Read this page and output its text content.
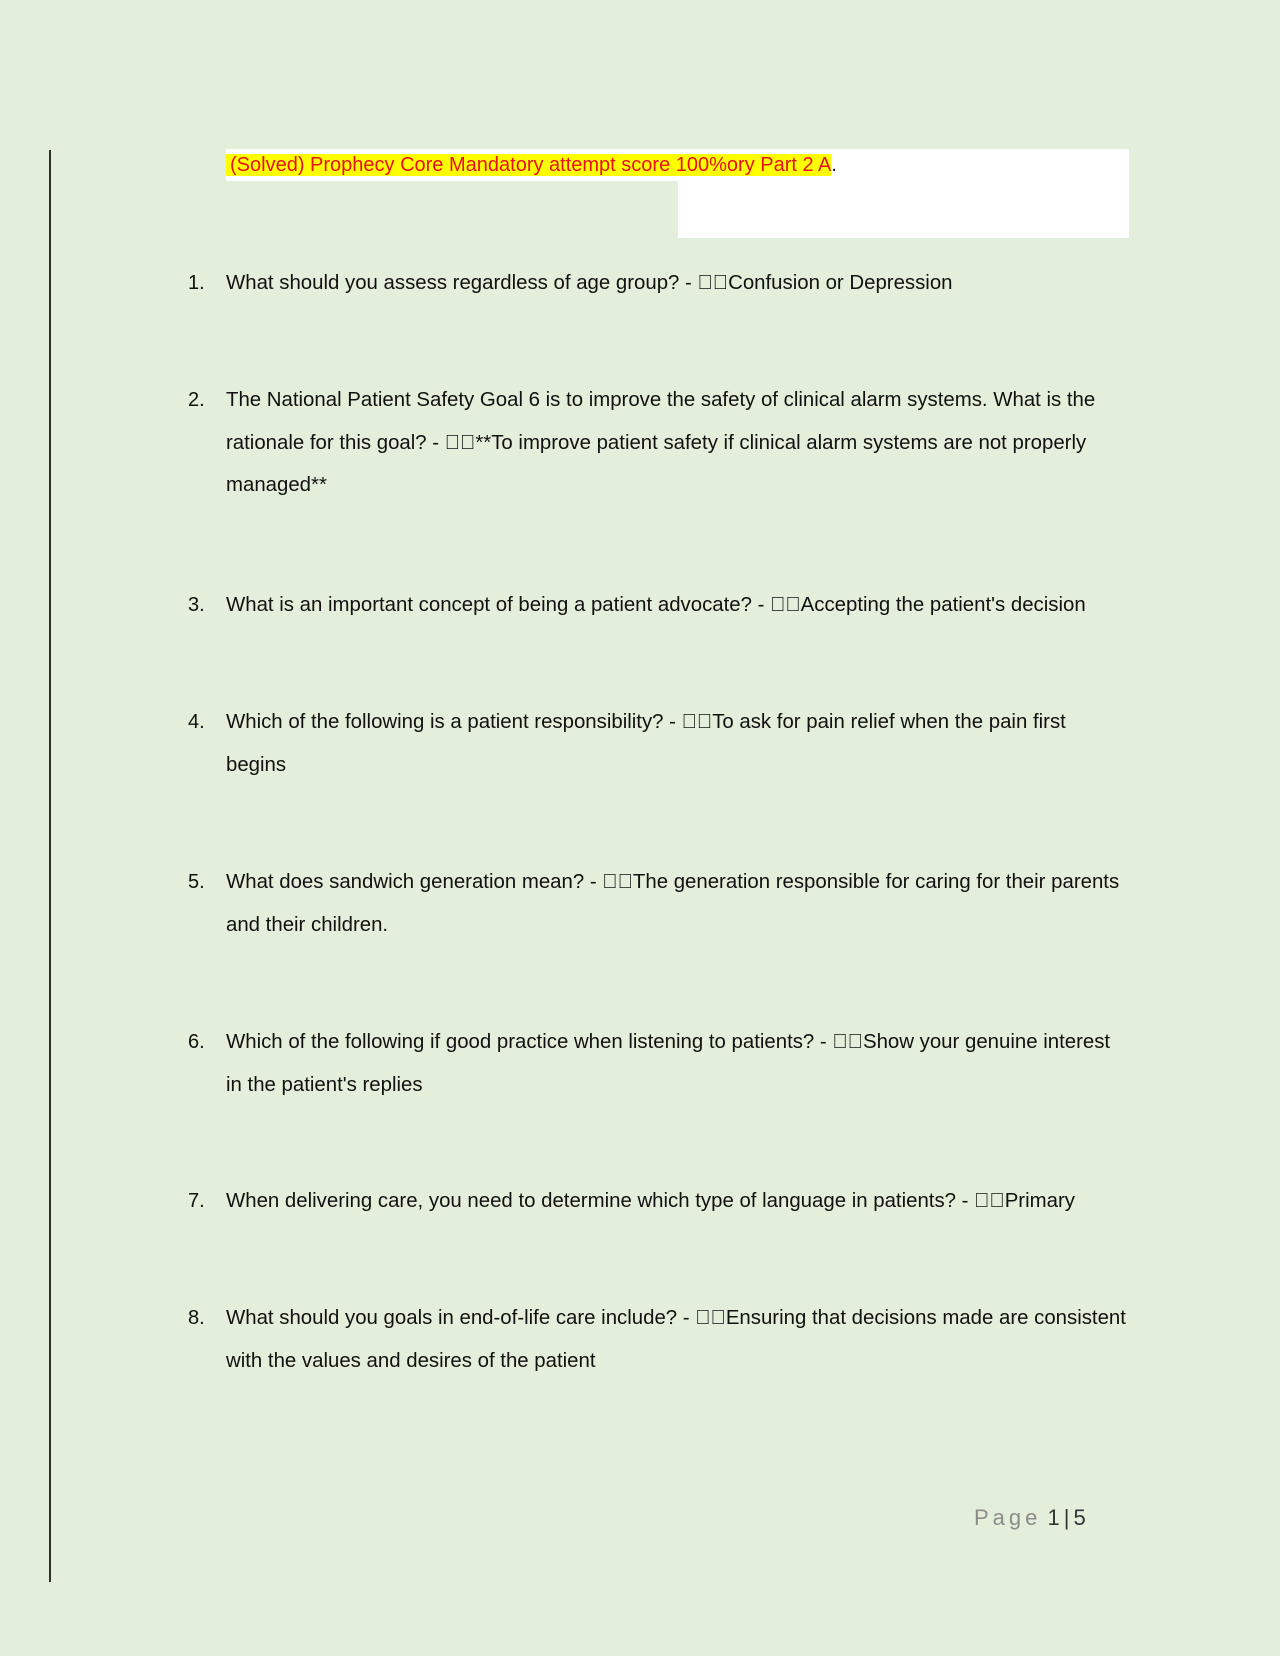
(Solved) Prophecy Core Mandatory attempt score 100%ory Part 2 A.
1. What should you assess regardless of age group? - ￿￿Confusion or Depression
2. The National Patient Safety Goal 6 is to improve the safety of clinical alarm systems. What is the rationale for this goal? - ￿￿**To improve patient safety if clinical alarm systems are not properly managed**
3. What is an important concept of being a patient advocate? - ￿￿Accepting the patient's decision
4. Which of the following is a patient responsibility? - ￿￿To ask for pain relief when the pain first begins
5. What does sandwich generation mean? - ￿￿The generation responsible for caring for their parents and their children.
6. Which of the following if good practice when listening to patients? - ￿￿Show your genuine interest in the patient's replies
7. When delivering care, you need to determine which type of language in patients? - ￿￿Primary
8. What should you goals in end-of-life care include? - ￿￿Ensuring that decisions made are consistent with the values and desires of the patient
Page 1 | 5
